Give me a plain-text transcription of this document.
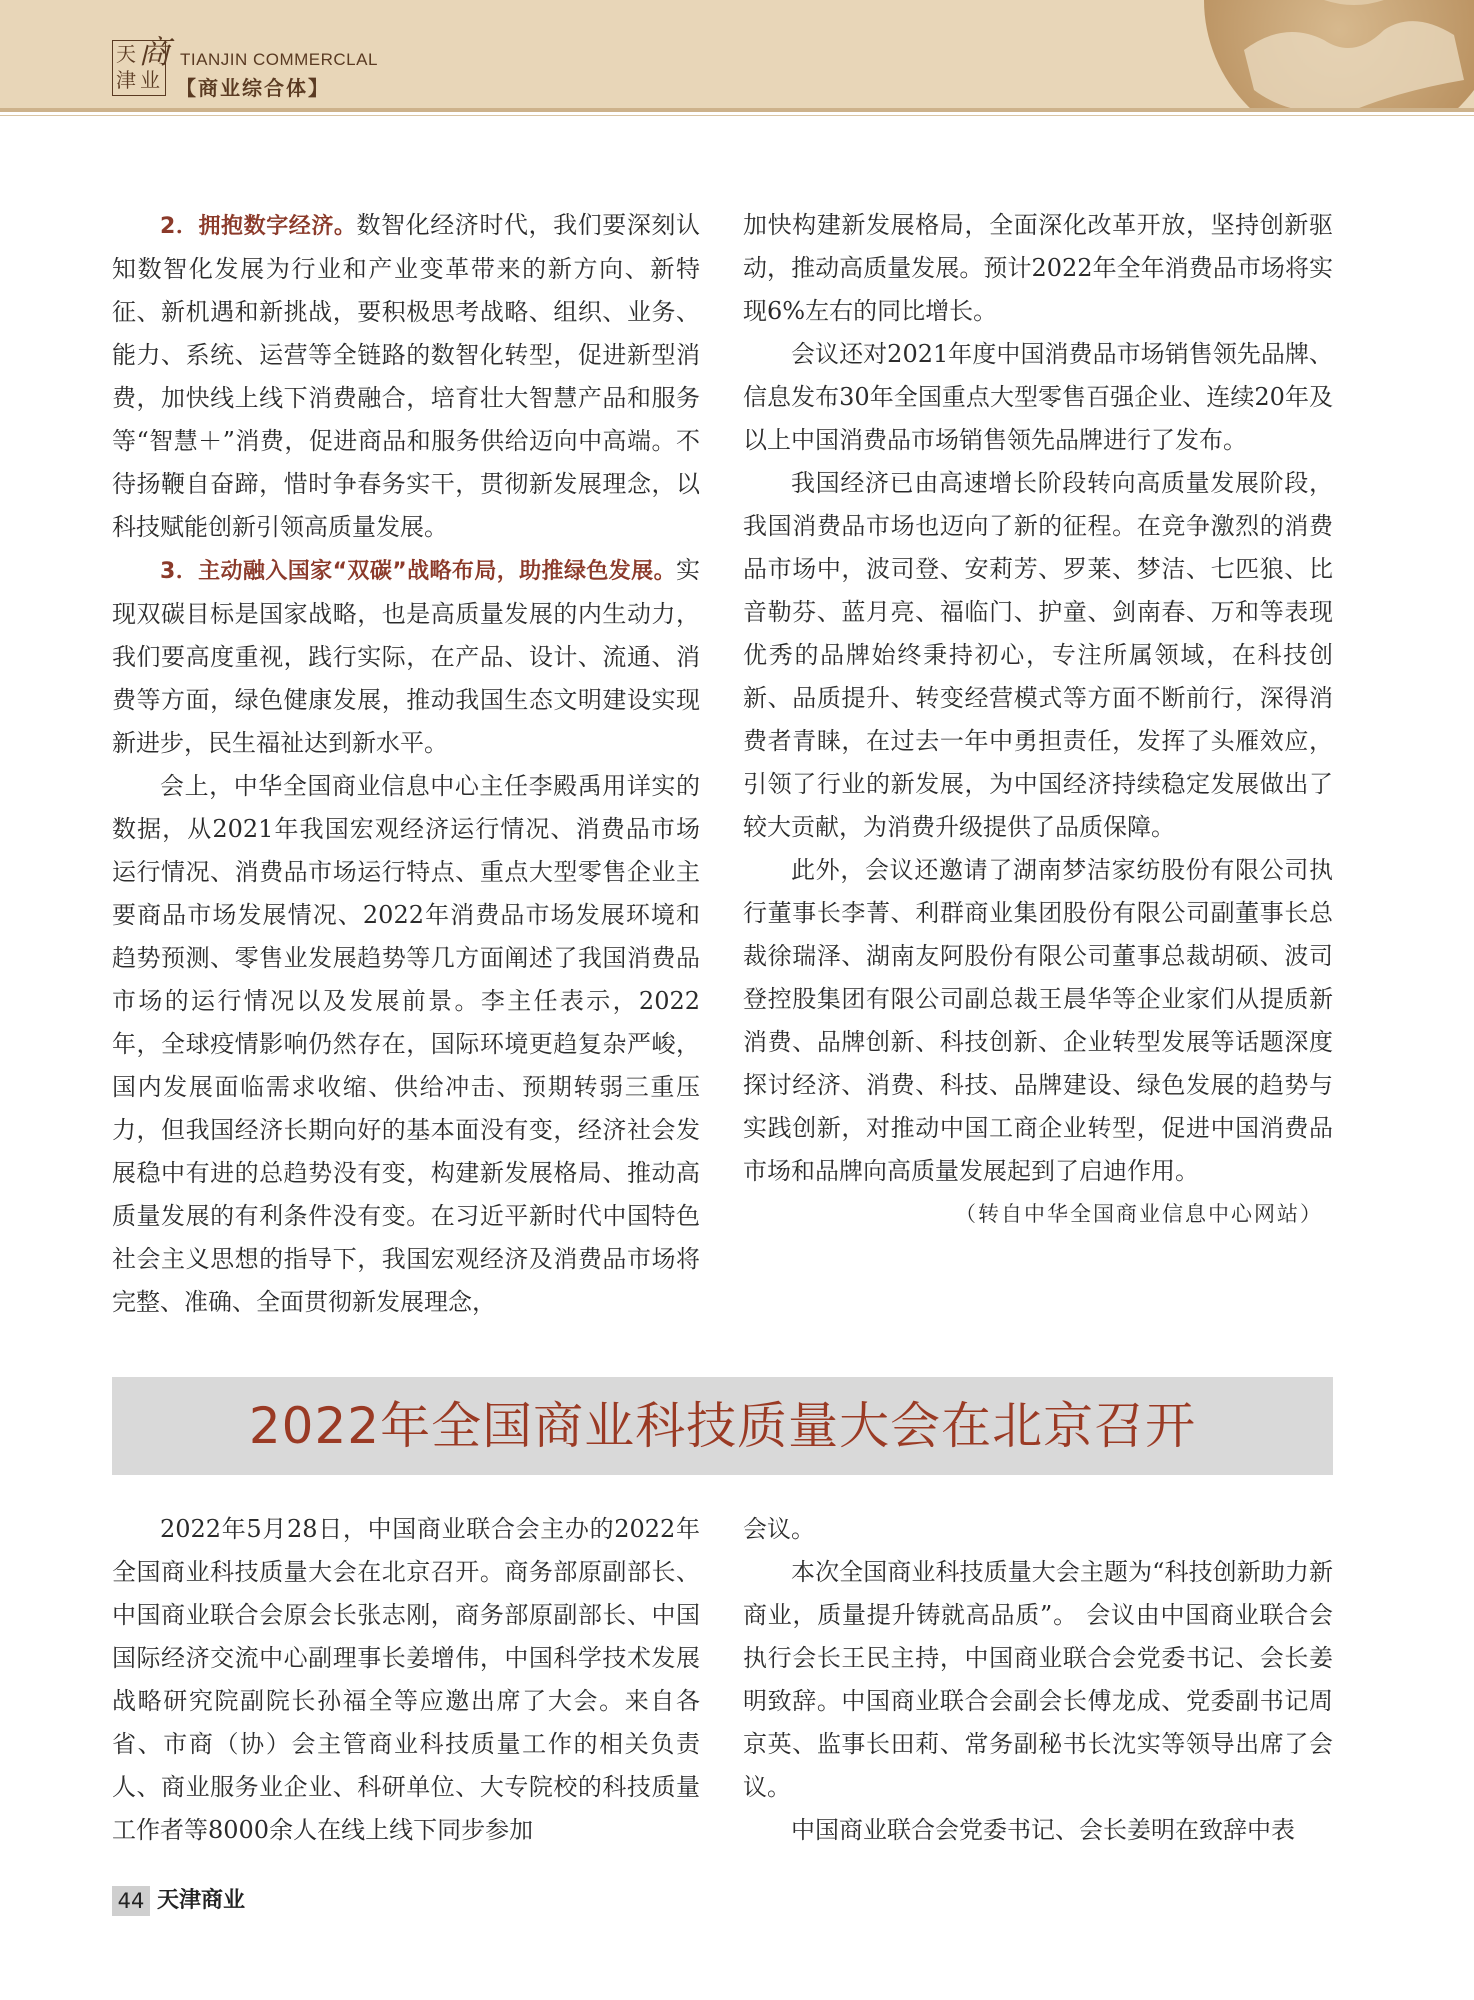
天 商
津 业
TIANJIN COMMERCLAL
【商业综合体】

2．拥抱数字经济。数智化经济时代，我们要深刻认知数智化发展为行业和产业变革带来的新方向、新特征、新机遇和新挑战，要积极思考战略、组织、业务、能力、系统、运营等全链路的数智化转型，促进新型消费，加快线上线下消费融合，培育壮大智慧产品和服务等“智慧＋”消费，促进商品和服务供给迈向中高端。不待扬鞭自奋蹄，惜时争春务实干，贯彻新发展理念，以科技赋能创新引领高质量发展。

3．主动融入国家“双碳”战略布局，助推绿色发展。实现双碳目标是国家战略，也是高质量发展的内生动力，我们要高度重视，践行实际，在产品、设计、流通、消费等方面，绿色健康发展，推动我国生态文明建设实现新进步，民生福祉达到新水平。

会上，中华全国商业信息中心主任李殿禹用详实的数据，从2021年我国宏观经济运行情况、消费品市场运行情况、消费品市场运行特点、重点大型零售企业主要商品市场发展情况、2022年消费品市场发展环境和趋势预测、零售业发展趋势等几方面阐述了我国消费品市场的运行情况以及发展前景。李主任表示，2022年，全球疫情影响仍然存在，国际环境更趋复杂严峻，国内发展面临需求收缩、供给冲击、预期转弱三重压力，但我国经济长期向好的基本面没有变，经济社会发展稳中有进的总趋势没有变，构建新发展格局、推动高质量发展的有利条件没有变。在习近平新时代中国特色社会主义思想的指导下，我国宏观经济及消费品市场将完整、准确、全面贯彻新发展理念，

加快构建新发展格局，全面深化改革开放，坚持创新驱动，推动高质量发展。预计2022年全年消费品市场将实现6%左右的同比增长。

会议还对2021年度中国消费品市场销售领先品牌、信息发布30年全国重点大型零售百强企业、连续20年及以上中国消费品市场销售领先品牌进行了发布。

我国经济已由高速增长阶段转向高质量发展阶段，我国消费品市场也迈向了新的征程。在竞争激烈的消费品市场中，波司登、安莉芳、罗莱、梦洁、七匹狼、比音勒芬、蓝月亮、福临门、护童、剑南春、万和等表现优秀的品牌始终秉持初心，专注所属领域，在科技创新、品质提升、转变经营模式等方面不断前行，深得消费者青睐，在过去一年中勇担责任，发挥了头雁效应，引领了行业的新发展，为中国经济持续稳定发展做出了较大贡献，为消费升级提供了品质保障。

此外，会议还邀请了湖南梦洁家纺股份有限公司执行董事长李菁、利群商业集团股份有限公司副董事长总裁徐瑞泽、湖南友阿股份有限公司董事总裁胡硕、波司登控股集团有限公司副总裁王晨华等企业家们从提质新消费、品牌创新、科技创新、企业转型发展等话题深度探讨经济、消费、科技、品牌建设、绿色发展的趋势与实践创新，对推动中国工商企业转型，促进中国消费品市场和品牌向高质量发展起到了启迪作用。

（转自中华全国商业信息中心网站）

2022年全国商业科技质量大会在北京召开

2022年5月28日，中国商业联合会主办的2022年全国商业科技质量大会在北京召开。商务部原副部长、中国商业联合会原会长张志刚，商务部原副部长、中国国际经济交流中心副理事长姜增伟，中国科学技术发展战略研究院副院长孙福全等应邀出席了大会。来自各省、市商（协）会主管商业科技质量工作的相关负责人、商业服务业企业、科研单位、大专院校的科技质量工作者等8000余人在线上线下同步参加

会议。

本次全国商业科技质量大会主题为“科技创新助力新商业，质量提升铸就高品质”。 会议由中国商业联合会执行会长王民主持，中国商业联合会党委书记、会长姜明致辞。中国商业联合会副会长傅龙成、党委副书记周京英、监事长田莉、常务副秘书长沈实等领导出席了会议。

中国商业联合会党委书记、会长姜明在致辞中表

44 天津商业
